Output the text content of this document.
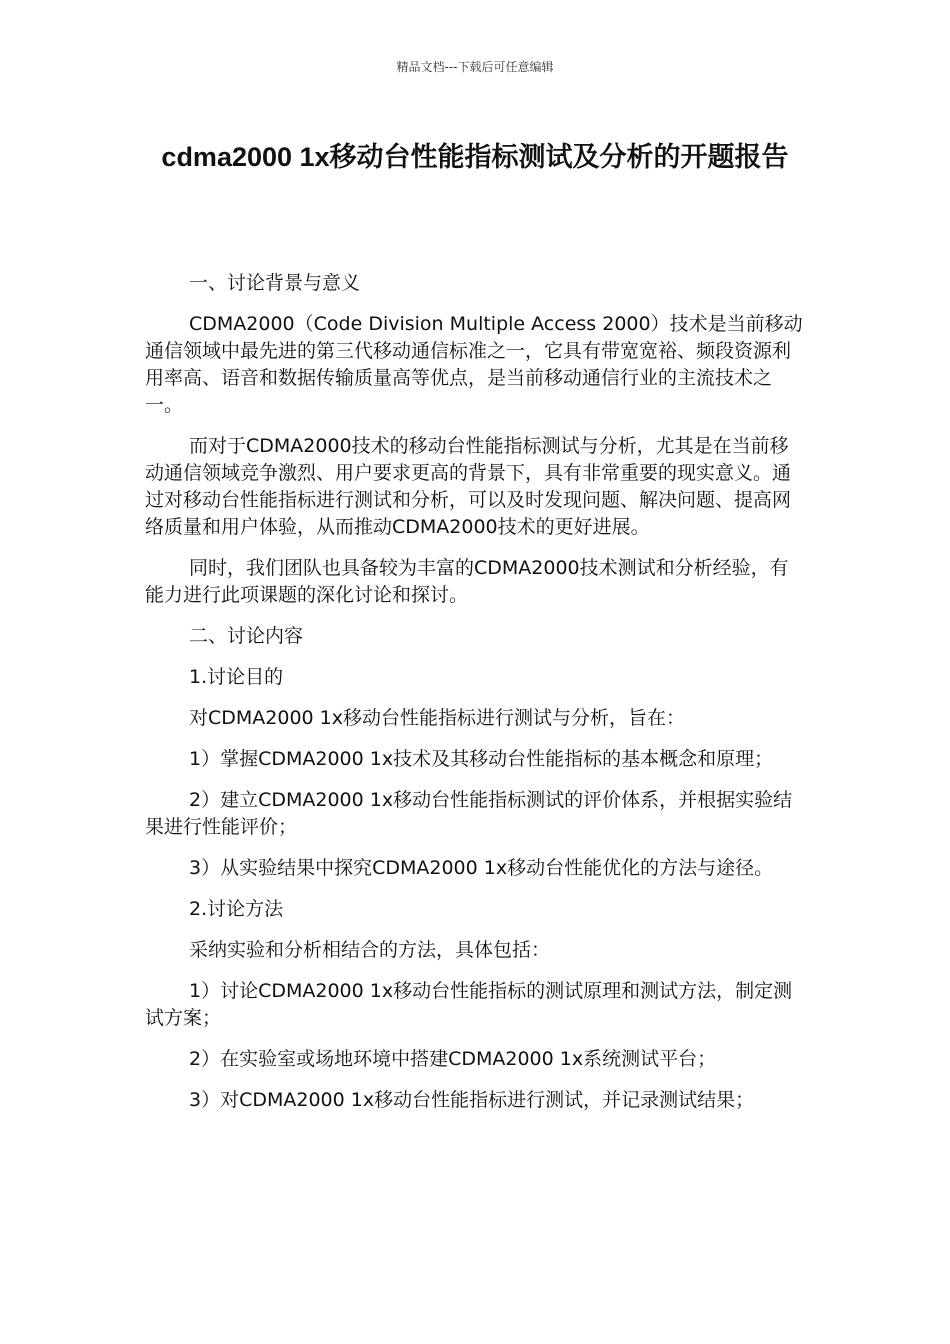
精品文档---下载后可任意编辑
cdma2000 1x移动台性能指标测试及分析的开题报告

一、讨论背景与意义

CDMA2000（Code Division Multiple Access 2000）技术是当前移动通信领域中最先进的第三代移动通信标准之一，它具有带宽宽裕、频段资源利用率高、语音和数据传输质量高等优点，是当前移动通信行业的主流技术之一。

而对于CDMA2000技术的移动台性能指标测试与分析，尤其是在当前移动通信领域竞争激烈、用户要求更高的背景下，具有非常重要的现实意义。通过对移动台性能指标进行测试和分析，可以及时发现问题、解决问题、提高网络质量和用户体验，从而推动CDMA2000技术的更好进展。

同时，我们团队也具备较为丰富的CDMA2000技术测试和分析经验，有能力进行此项课题的深化讨论和探讨。

二、讨论内容

1.讨论目的

对CDMA2000 1x移动台性能指标进行测试与分析，旨在：

1）掌握CDMA2000 1x技术及其移动台性能指标的基本概念和原理；

2）建立CDMA2000 1x移动台性能指标测试的评价体系，并根据实验结果进行性能评价；

3）从实验结果中探究CDMA2000 1x移动台性能优化的方法与途径。

2.讨论方法

采纳实验和分析相结合的方法，具体包括：

1）讨论CDMA2000 1x移动台性能指标的测试原理和测试方法，制定测试方案；

2）在实验室或场地环境中搭建CDMA2000 1x系统测试平台；

3）对CDMA2000 1x移动台性能指标进行测试，并记录测试结果；
